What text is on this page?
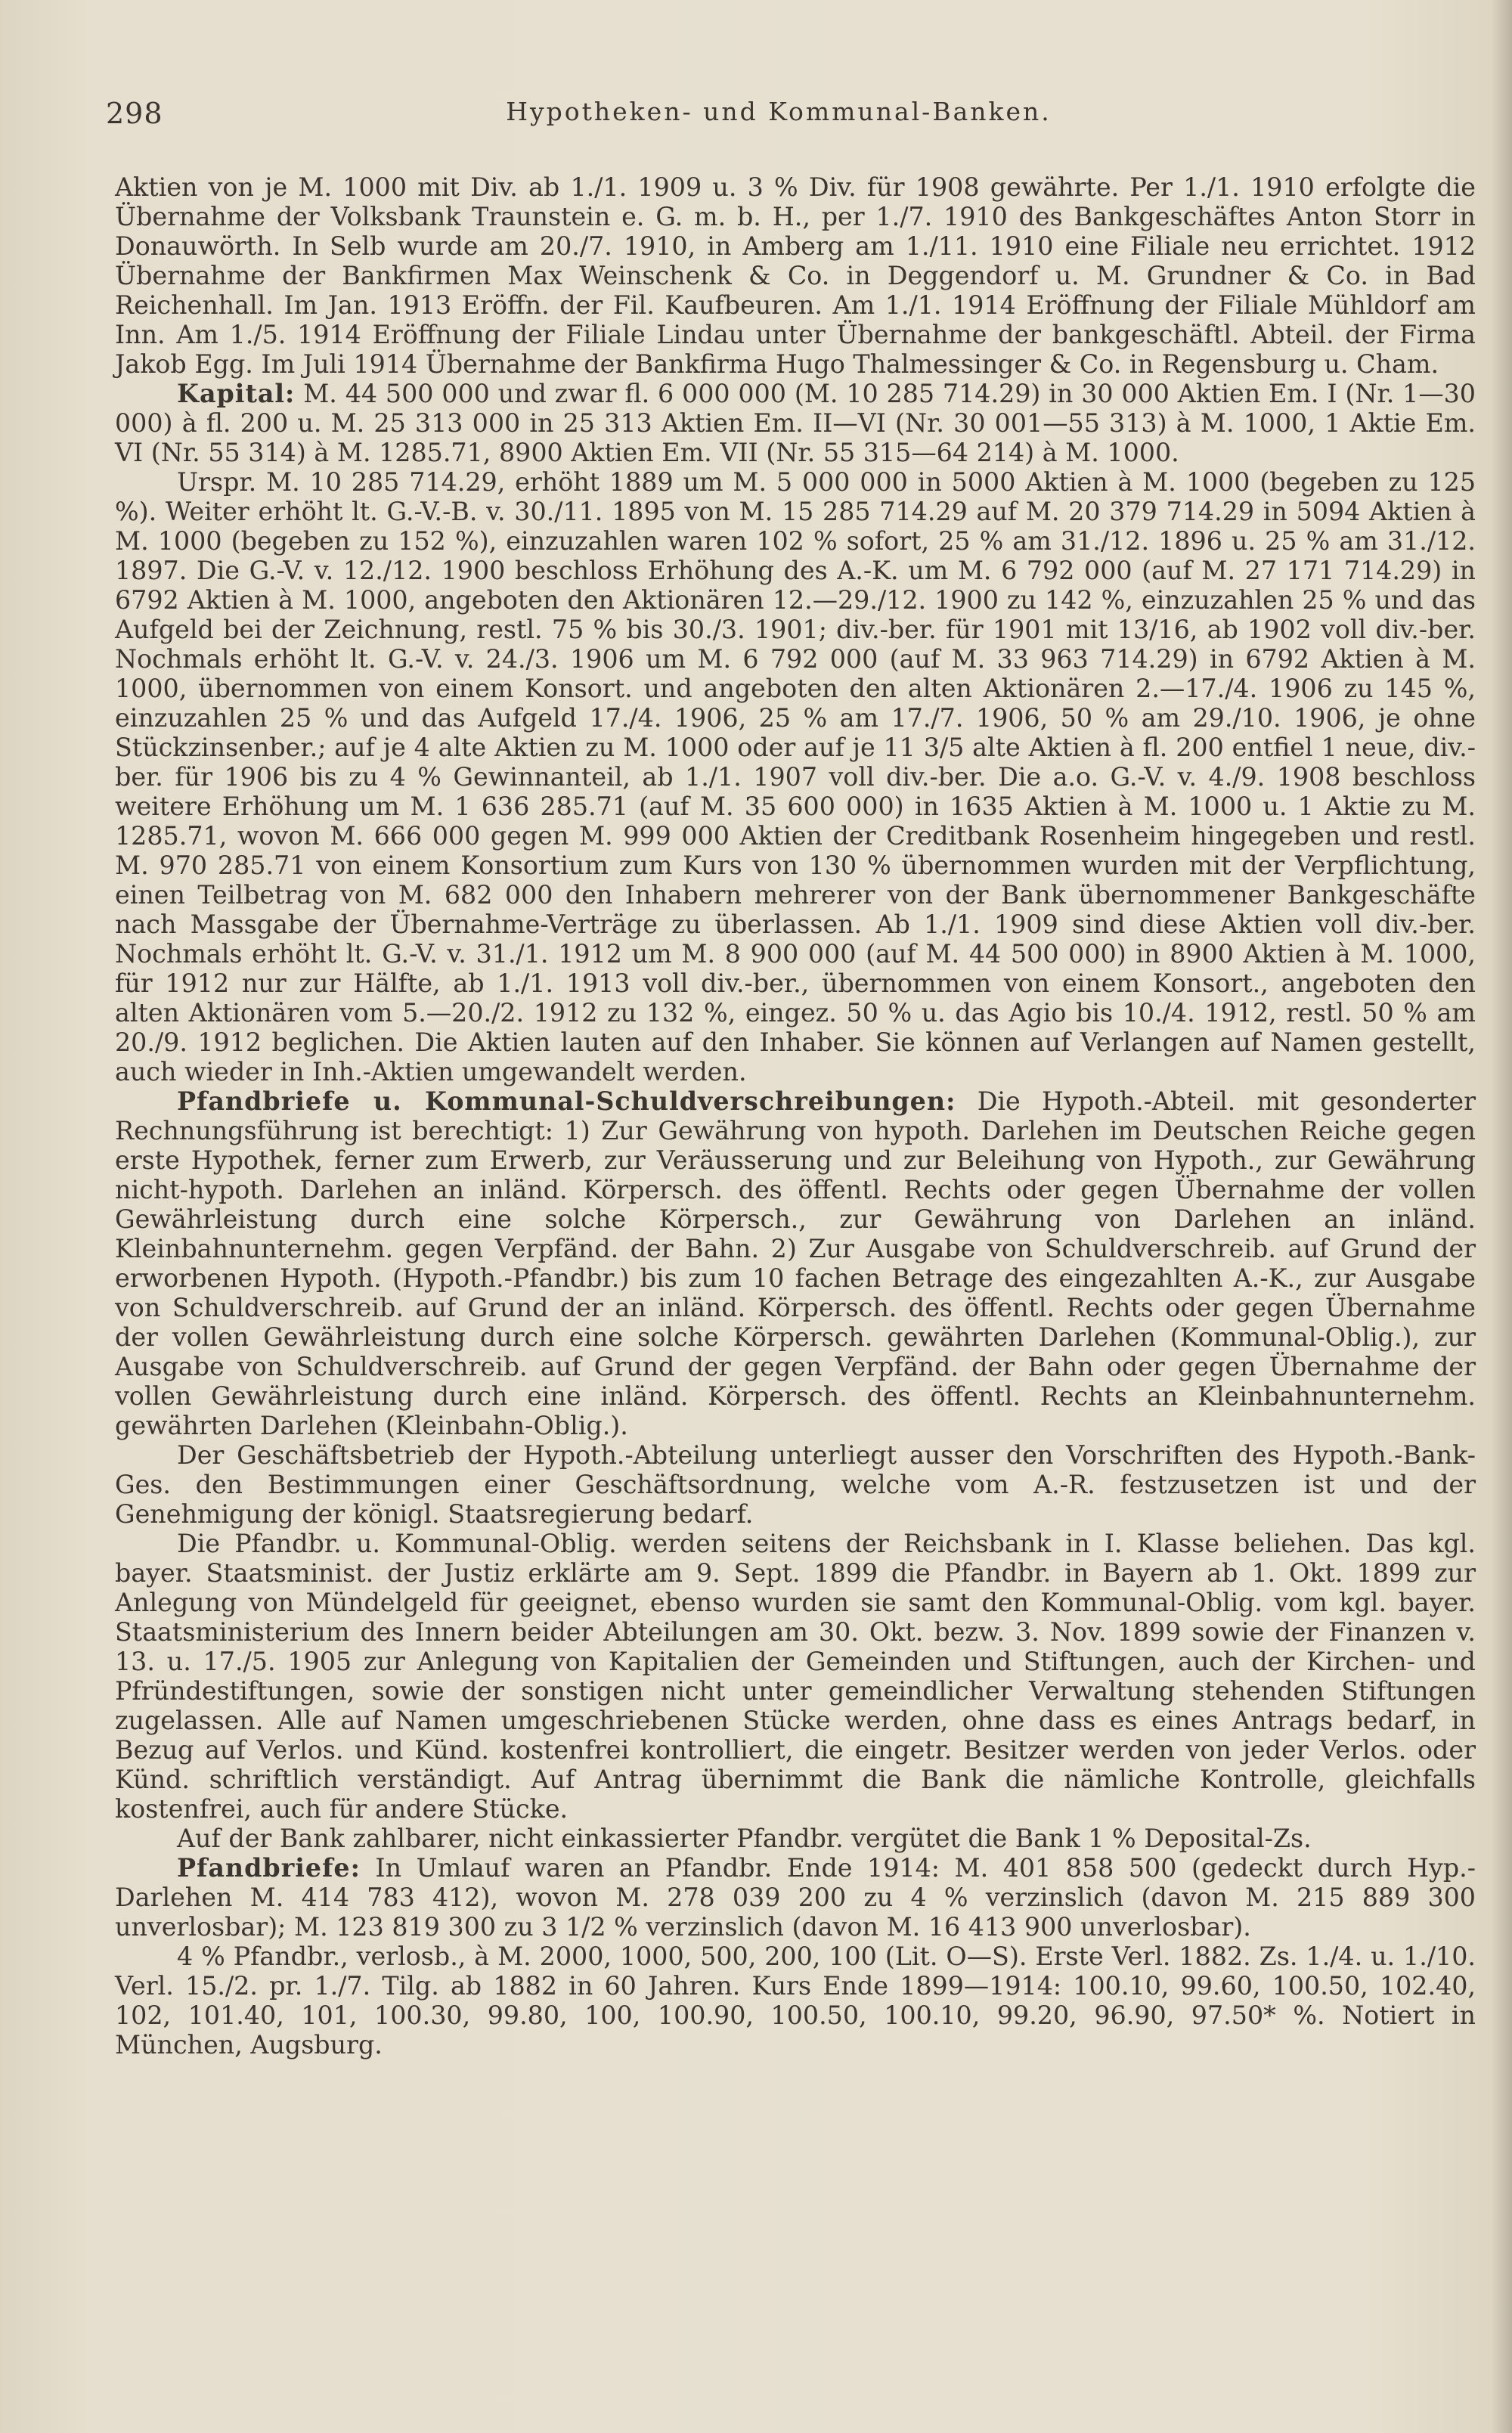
298	Hypotheken- und Kommunal-Banken.

Aktien von je M. 1000 mit Div. ab 1./1. 1909 u. 3 % Div. für 1908 gewährte. Per 1./1. 1910 erfolgte die Übernahme der Volksbank Traunstein e. G. m. b. H., per 1./7. 1910 des Bankgeschäftes Anton Storr in Donauwörth. In Selb wurde am 20./7. 1910, in Amberg am 1./11. 1910 eine Filiale neu errichtet. 1912 Übernahme der Bankfirmen Max Weinschenk & Co. in Deggendorf u. M. Grundner & Co. in Bad Reichenhall. Im Jan. 1913 Eröffn. der Fil. Kaufbeuren. Am 1./1. 1914 Eröffnung der Filiale Mühldorf am Inn. Am 1./5. 1914 Eröffnung der Filiale Lindau unter Übernahme der bankgeschäftl. Abteil. der Firma Jakob Egg. Im Juli 1914 Übernahme der Bankfirma Hugo Thalmessinger & Co. in Regensburg u. Cham.

Kapital: M. 44 500 000 und zwar fl. 6 000 000 (M. 10 285 714.29) in 30 000 Aktien Em. I (Nr. 1—30 000) à fl. 200 u. M. 25 313 000 in 25 313 Aktien Em. II—VI (Nr. 30 001—55 313) à M. 1000, 1 Aktie Em. VI (Nr. 55 314) à M. 1285.71, 8900 Aktien Em. VII (Nr. 55 315—64 214) à M. 1000.

Urspr. M. 10 285 714.29, erhöht 1889 um M. 5 000 000 in 5000 Aktien à M. 1000 (begeben zu 125 %). Weiter erhöht lt. G.-V.-B. v. 30./11. 1895 von M. 15 285 714.29 auf M. 20 379 714.29 in 5094 Aktien à M. 1000 (begeben zu 152 %), einzuzahlen waren 102 % sofort, 25 % am 31./12. 1896 u. 25 % am 31./12. 1897. Die G.-V. v. 12./12. 1900 beschloss Erhöhung des A.-K. um M. 6 792 000 (auf M. 27 171 714.29) in 6792 Aktien à M. 1000, angeboten den Aktionären 12.—29./12. 1900 zu 142 %, einzuzahlen 25 % und das Aufgeld bei der Zeichnung, restl. 75 % bis 30./3. 1901; div.-ber. für 1901 mit 13/16, ab 1902 voll div.-ber. Nochmals erhöht lt. G.-V. v. 24./3. 1906 um M. 6 792 000 (auf M. 33 963 714.29) in 6792 Aktien à M. 1000, übernommen von einem Konsort. und angeboten den alten Aktionären 2.—17./4. 1906 zu 145 %, einzuzahlen 25 % und das Aufgeld 17./4. 1906, 25 % am 17./7. 1906, 50 % am 29./10. 1906, je ohne Stückzinsenber.; auf je 4 alte Aktien zu M. 1000 oder auf je 11 3/5 alte Aktien à fl. 200 entfiel 1 neue, div.-ber. für 1906 bis zu 4 % Gewinnanteil, ab 1./1. 1907 voll div.-ber. Die a.o. G.-V. v. 4./9. 1908 beschloss weitere Erhöhung um M. 1 636 285.71 (auf M. 35 600 000) in 1635 Aktien à M. 1000 u. 1 Aktie zu M. 1285.71, wovon M. 666 000 gegen M. 999 000 Aktien der Creditbank Rosenheim hingegeben und restl. M. 970 285.71 von einem Konsortium zum Kurs von 130 % übernommen wurden mit der Verpflichtung, einen Teilbetrag von M. 682 000 den Inhabern mehrerer von der Bank übernommener Bankgeschäfte nach Massgabe der Übernahme-Verträge zu überlassen. Ab 1./1. 1909 sind diese Aktien voll div.-ber. Nochmals erhöht lt. G.-V. v. 31./1. 1912 um M. 8 900 000 (auf M. 44 500 000) in 8900 Aktien à M. 1000, für 1912 nur zur Hälfte, ab 1./1. 1913 voll div.-ber., übernommen von einem Konsort., angeboten den alten Aktionären vom 5.—20./2. 1912 zu 132 %, eingez. 50 % u. das Agio bis 10./4. 1912, restl. 50 % am 20./9. 1912 beglichen. Die Aktien lauten auf den Inhaber. Sie können auf Verlangen auf Namen gestellt, auch wieder in Inh.-Aktien umgewandelt werden.

Pfandbriefe u. Kommunal-Schuldverschreibungen: Die Hypoth.-Abteil. mit gesonderter Rechnungsführung ist berechtigt: 1) Zur Gewährung von hypoth. Darlehen im Deutschen Reiche gegen erste Hypothek, ferner zum Erwerb, zur Veräusserung und zur Beleihung von Hypoth., zur Gewährung nicht-hypoth. Darlehen an inländ. Körpersch. des öffentl. Rechts oder gegen Übernahme der vollen Gewährleistung durch eine solche Körpersch., zur Gewährung von Darlehen an inländ. Kleinbahnunternehm. gegen Verpfänd. der Bahn. 2) Zur Ausgabe von Schuldverschreib. auf Grund der erworbenen Hypoth. (Hypoth.-Pfandbr.) bis zum 10 fachen Betrage des eingezahlten A.-K., zur Ausgabe von Schuldverschreib. auf Grund der an inländ. Körpersch. des öffentl. Rechts oder gegen Übernahme der vollen Gewährleistung durch eine solche Körpersch. gewährten Darlehen (Kommunal-Oblig.), zur Ausgabe von Schuldverschreib. auf Grund der gegen Verpfänd. der Bahn oder gegen Übernahme der vollen Gewährleistung durch eine inländ. Körpersch. des öffentl. Rechts an Kleinbahnunternehm. gewährten Darlehen (Kleinbahn-Oblig.).

Der Geschäftsbetrieb der Hypoth.-Abteilung unterliegt ausser den Vorschriften des Hypoth.-Bank-Ges. den Bestimmungen einer Geschäftsordnung, welche vom A.-R. festzusetzen ist und der Genehmigung der königl. Staatsregierung bedarf.

Die Pfandbr. u. Kommunal-Oblig. werden seitens der Reichsbank in I. Klasse beliehen. Das kgl. bayer. Staatsminist. der Justiz erklärte am 9. Sept. 1899 die Pfandbr. in Bayern ab 1. Okt. 1899 zur Anlegung von Mündelgeld für geeignet, ebenso wurden sie samt den Kommunal-Oblig. vom kgl. bayer. Staatsministerium des Innern beider Abteilungen am 30. Okt. bezw. 3. Nov. 1899 sowie der Finanzen v. 13. u. 17./5. 1905 zur Anlegung von Kapitalien der Gemeinden und Stiftungen, auch der Kirchen- und Pfründestiftungen, sowie der sonstigen nicht unter gemeindlicher Verwaltung stehenden Stiftungen zugelassen. Alle auf Namen umgeschriebenen Stücke werden, ohne dass es eines Antrags bedarf, in Bezug auf Verlos. und Künd. kostenfrei kontrolliert, die eingetr. Besitzer werden von jeder Verlos. oder Künd. schriftlich verständigt. Auf Antrag übernimmt die Bank die nämliche Kontrolle, gleichfalls kostenfrei, auch für andere Stücke.

Auf der Bank zahlbarer, nicht einkassierter Pfandbr. vergütet die Bank 1 % Deposital-Zs.

Pfandbriefe: In Umlauf waren an Pfandbr. Ende 1914: M. 401 858 500 (gedeckt durch Hyp.-Darlehen M. 414 783 412), wovon M. 278 039 200 zu 4 % verzinslich (davon M. 215 889 300 unverlosbar); M. 123 819 300 zu 3 1/2 % verzinslich (davon M. 16 413 900 unverlosbar).

4 % Pfandbr., verlosb., à M. 2000, 1000, 500, 200, 100 (Lit. O—S). Erste Verl. 1882. Zs. 1./4. u. 1./10. Verl. 15./2. pr. 1./7. Tilg. ab 1882 in 60 Jahren. Kurs Ende 1899—1914: 100.10, 99.60, 100.50, 102.40, 102, 101.40, 101, 100.30, 99.80, 100, 100.90, 100.50, 100.10, 99.20, 96.90, 97.50* %. Notiert in München, Augsburg.
